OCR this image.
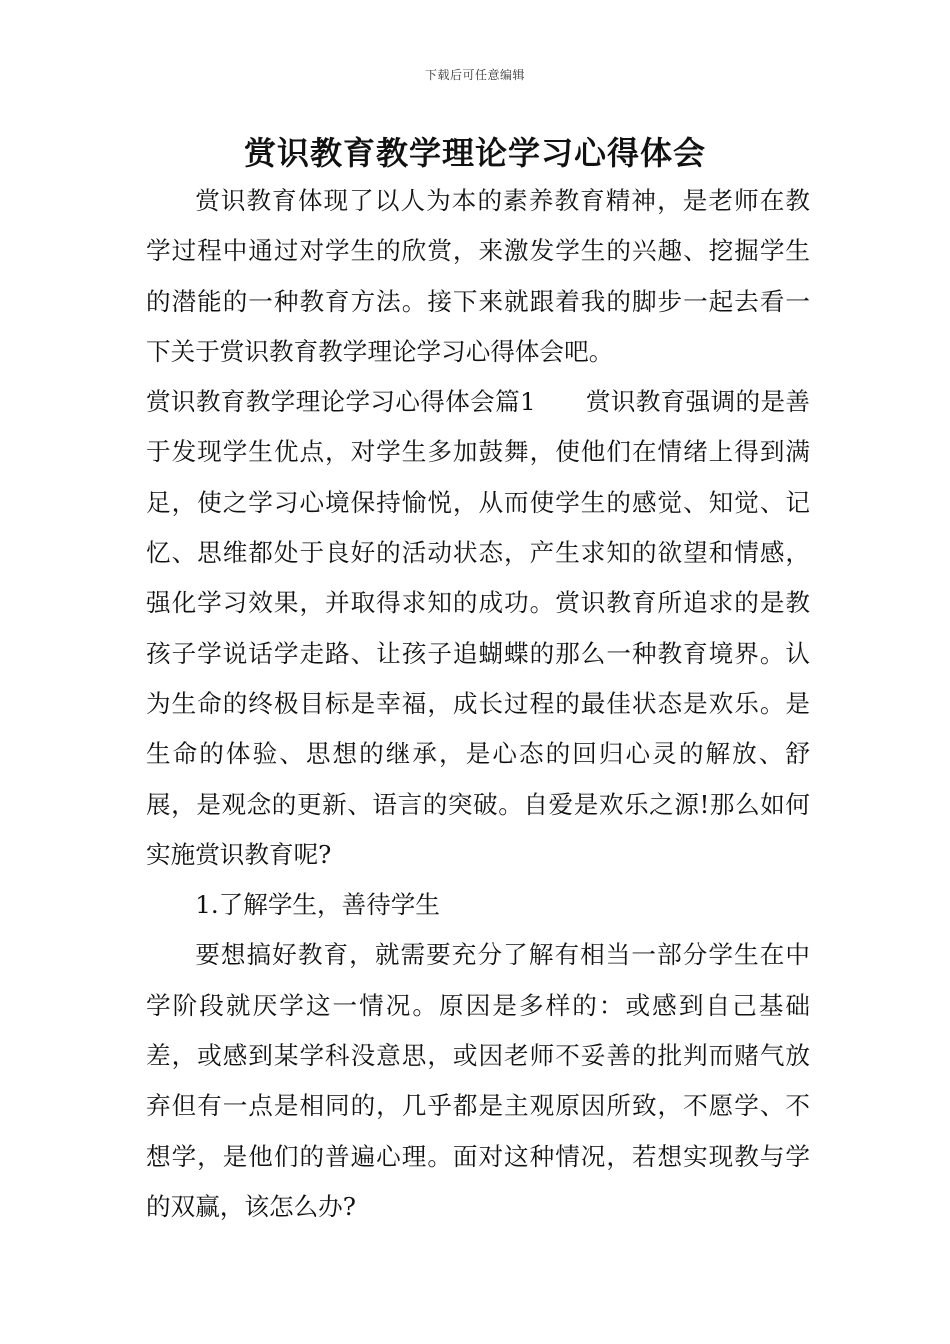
下载后可任意编辑
赏识教育教学理论学习心得体会

赏识教育体现了以人为本的素养教育精神，是老师在教学过程中通过对学生的欣赏，来激发学生的兴趣、挖掘学生的潜能的一种教育方法。接下来就跟着我的脚步一起去看一下关于赏识教育教学理论学习心得体会吧。

赏识教育教学理论学习心得体会篇1　　赏识教育强调的是善于发现学生优点，对学生多加鼓舞，使他们在情绪上得到满足，使之学习心境保持愉悦，从而使学生的感觉、知觉、记忆、思维都处于良好的活动状态，产生求知的欲望和情感，强化学习效果，并取得求知的成功。赏识教育所追求的是教孩子学说话学走路、让孩子追蝴蝶的那么一种教育境界。认为生命的终极目标是幸福，成长过程的最佳状态是欢乐。是生命的体验、思想的继承，是心态的回归心灵的解放、舒展，是观念的更新、语言的突破。自爱是欢乐之源!那么如何实施赏识教育呢?

1.了解学生，善待学生

要想搞好教育，就需要充分了解有相当一部分学生在中学阶段就厌学这一情况。原因是多样的：或感到自己基础差，或感到某学科没意思，或因老师不妥善的批判而赌气放弃但有一点是相同的，几乎都是主观原因所致，不愿学、不想学，是他们的普遍心理。面对这种情况，若想实现教与学的双赢，该怎么办?
